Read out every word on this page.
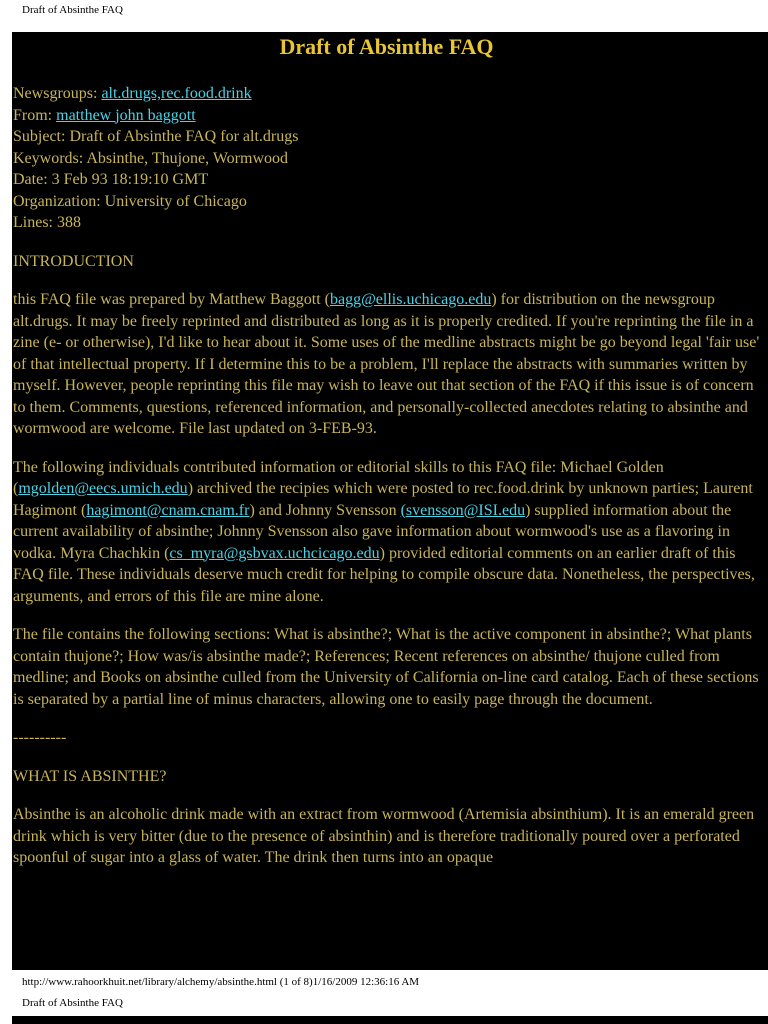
Draft of Absinthe FAQ
Draft of Absinthe FAQ
Newsgroups: alt.drugs,rec.food.drink
From: matthew john baggott
Subject: Draft of Absinthe FAQ for alt.drugs
Keywords: Absinthe, Thujone, Wormwood
Date: 3 Feb 93 18:19:10 GMT
Organization: University of Chicago
Lines: 388

INTRODUCTION

this FAQ file was prepared by Matthew Baggott (bagg@ellis.uchicago.edu) for distribution on the newsgroup alt.drugs. It may be freely reprinted and distributed as long as it is properly credited. If you're reprinting the file in a zine (e- or otherwise), I'd like to hear about it. Some uses of the medline abstracts might be go beyond legal 'fair use' of that intellectual property. If I determine this to be a problem, I'll replace the abstracts with summaries written by myself. However, people reprinting this file may wish to leave out that section of the FAQ if this issue is of concern to them. Comments, questions, referenced information, and personally-collected anecdotes relating to absinthe and wormwood are welcome. File last updated on 3-FEB-93.

The following individuals contributed information or editorial skills to this FAQ file: Michael Golden (mgolden@eecs.umich.edu) archived the recipies which were posted to rec.food.drink by unknown parties; Laurent Hagimont (hagimont@cnam.cnam.fr) and Johnny Svensson (svensson@ISI.edu) supplied information about the current availability of absinthe; Johnny Svensson also gave information about wormwood's use as a flavoring in vodka. Myra Chachkin (cs_myra@gsbvax.uchcicago.edu) provided editorial comments on an earlier draft of this FAQ file. These individuals deserve much credit for helping to compile obscure data. Nonetheless, the perspectives, arguments, and errors of this file are mine alone.

The file contains the following sections: What is absinthe?; What is the active component in absinthe?; What plants contain thujone?; How was/is absinthe made?; References; Recent references on absinthe/ thujone culled from medline; and Books on absinthe culled from the University of California on-line card catalog. Each of these sections is separated by a partial line of minus characters, allowing one to easily page through the document.

----------

WHAT IS ABSINTHE?

Absinthe is an alcoholic drink made with an extract from wormwood (Artemisia absinthium). It is an emerald green drink which is very bitter (due to the presence of absinthin) and is therefore traditionally poured over a perforated spoonful of sugar into a glass of water. The drink then turns into an opaque

http://www.rahoorkhuit.net/library/alchemy/absinthe.html (1 of 8)1/16/2009 12:36:16 AM
Draft of Absinthe FAQ
